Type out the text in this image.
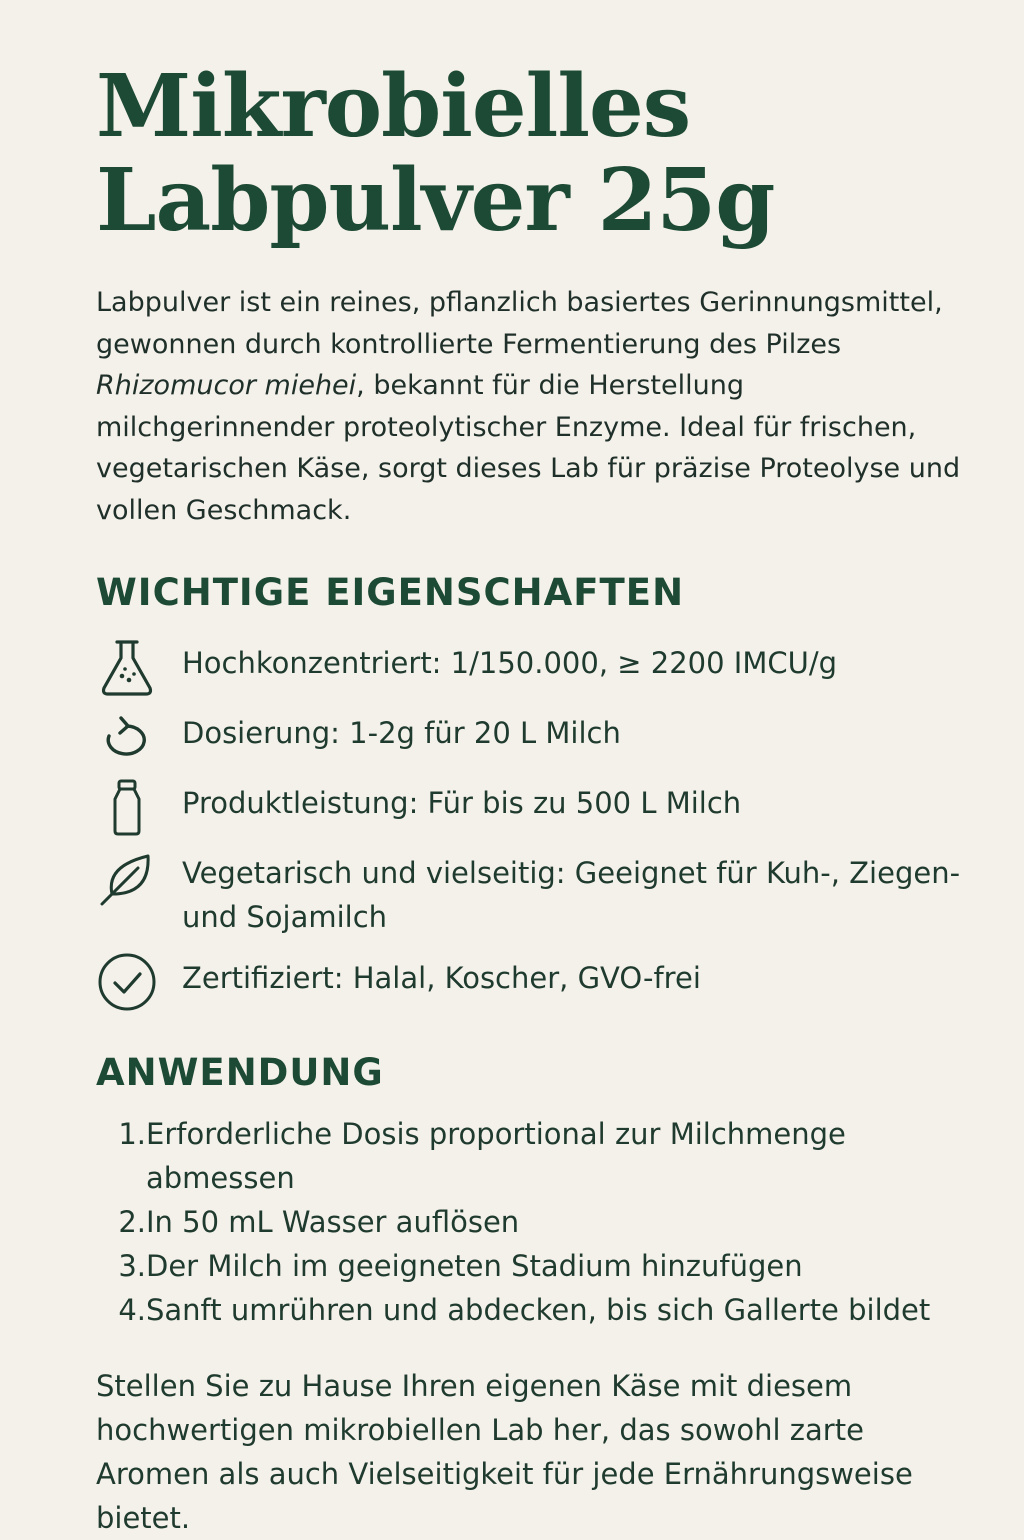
Mikrobielles
Labpulver 25g

Labpulver ist ein reines, pflanzlich basiertes Gerinnungsmittel, gewonnen durch kontrollierte Fermentierung des Pilzes Rhizomucor miehei, bekannt für die Herstellung milchgerinnender proteolytischer Enzyme. Ideal für frischen, vegetarischen Käse, sorgt dieses Lab für präzise Proteolyse und vollen Geschmack.

WICHTIGE EIGENSCHAFTEN
Hochkonzentriert: 1/150.000, ≥ 2200 IMCU/g
Dosierung: 1-2g für 20 L Milch
Produktleistung: Für bis zu 500 L Milch
Vegetarisch und vielseitig: Geeignet für Kuh-, Ziegen- und Sojamilch
Zertifiziert: Halal, Koscher, GVO-frei
ANWENDUNG
1. Erforderliche Dosis proportional zur Milchmenge abmessen
2. In 50 mL Wasser auflösen
3. Der Milch im geeigneten Stadium hinzufügen
4. Sanft umrühren und abdecken, bis sich Gallerte bildet

Stellen Sie zu Hause Ihren eigenen Käse mit diesem hochwertigen mikrobiellen Lab her, das sowohl zarte Aromen als auch Vielseitigkeit für jede Ernährungsweise bietet.
